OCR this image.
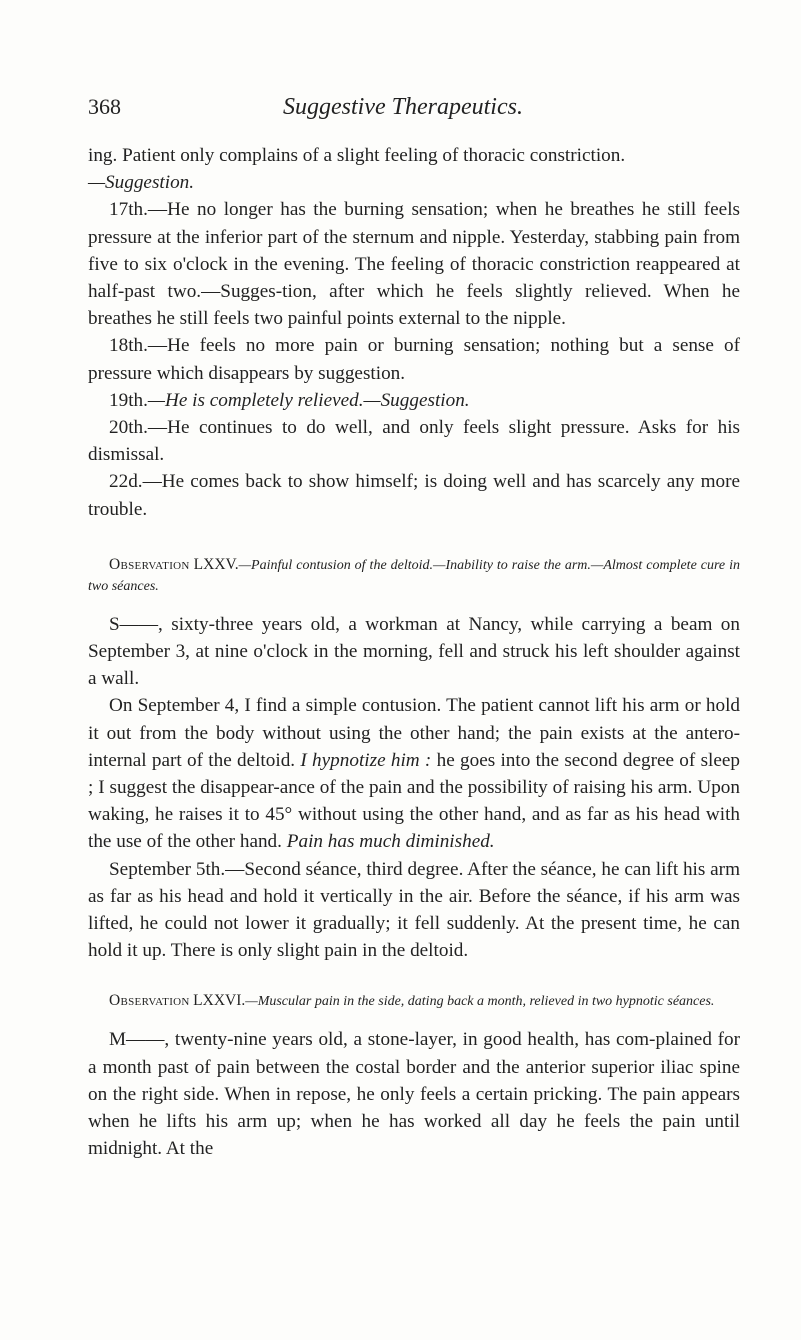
368	Suggestive Therapeutics.

ing. Patient only complains of a slight feeling of thoracic constriction.

—Suggestion.

17th.—He no longer has the burning sensation; when he breathes he still feels pressure at the inferior part of the sternum and nipple. Yesterday, stabbing pain from five to six o'clock in the evening. The feeling of thoracic constriction reappeared at half-past two.—Sugges-tion, after which he feels slightly relieved. When he breathes he still feels two painful points external to the nipple.

18th.—He feels no more pain or burning sensation; nothing but a sense of pressure which disappears by suggestion.

19th.—He is completely relieved.—Suggestion.

20th.—He continues to do well, and only feels slight pressure. Asks for his dismissal.

22d.—He comes back to show himself; is doing well and has scarcely any more trouble.

Observation LXXV.—Painful contusion of the deltoid.—Inability to raise the arm.—Almost complete cure in two séances.

S——, sixty-three years old, a workman at Nancy, while carrying a beam on September 3, at nine o'clock in the morning, fell and struck his left shoulder against a wall.

On September 4, I find a simple contusion. The patient cannot lift his arm or hold it out from the body without using the other hand; the pain exists at the antero-internal part of the deltoid. I hypnotize him : he goes into the second degree of sleep ; I suggest the disappear-ance of the pain and the possibility of raising his arm. Upon waking, he raises it to 45° without using the other hand, and as far as his head with the use of the other hand. Pain has much diminished.

September 5th.—Second séance, third degree. After the séance, he can lift his arm as far as his head and hold it vertically in the air. Before the séance, if his arm was lifted, he could not lower it gradually; it fell suddenly. At the present time, he can hold it up. There is only slight pain in the deltoid.

Observation LXXVI.—Muscular pain in the side, dating back a month, relieved in two hypnotic séances.

M——, twenty-nine years old, a stone-layer, in good health, has com-plained for a month past of pain between the costal border and the anterior superior iliac spine on the right side. When in repose, he only feels a certain pricking. The pain appears when he lifts his arm up; when he has worked all day he feels the pain until midnight. At the
